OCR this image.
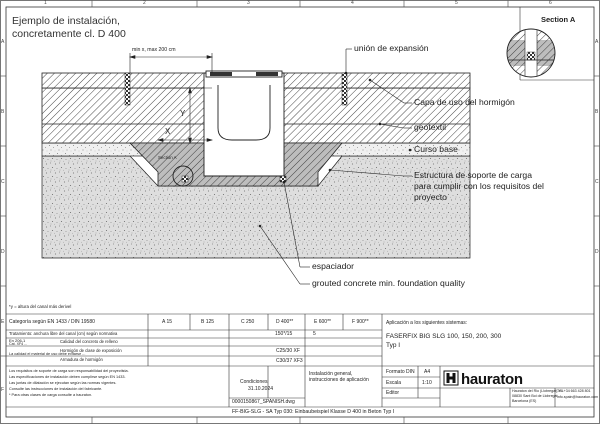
1	2	3	4	5	6
A
B
C
D
E
F
A
B
C
D
Ejemplo de instalación,
concretamente cl. D 400
Section A
min x, max 200 cm
X
Y
Section A
unión de expansión
Capa de uso del hormigón
geotextil
Curso base
Estructura de soporte de carga
para cumplir con los requisitos del
proyecto
espaciador
grouted concrete min. foundation quality
*y = altura del canal más derivel
Categoría según EN 1433 / DIN 19580	A 15	B 125	C 250	D 400**	E 600**	F 900**
Tratamiento: anchura libre del canal (cm) según normativa	150*/15	5
En 206-1
Cat. XF4 ...	Calidad del concreto de relleno
Hormigón de clase de exposición	C25/30 XF
La calidad el material de uso debe evitarse ...
Armadura de hormigón	C30/37 XF3
Los requisitos de soporte de carga son responsabilidad del proyectista.
Las especificaciones de instalación deben cumplirse según EN 1433.
Las juntas de dilatación se ejecutan según las normas vigentes.
Consulte las instrucciones de instalación del fabricante.
* Para otras clases de carga consulte a hauraton.
Aplicación a los siguientes sistemas:
FASERFIX BIG SLG 100, 150, 200, 300
Typ I
Condiciones
31.10.2024
Instalación general,
instrucciones de aplicación
Formato DIN A4
Escala	1:10
Editor
0000150867_SPANISH.dwg
FF-BIG-SLG - SA Typ 030: Einbaubeispiel Klasse D 400 in Beton Typ I
hauraton
Hauraton del Rio (Llobregat), SL
08830 Sant Boi de Llobregat
Barcelona (ES)
Tel: +34 663 428 801
info.spain@hauraton.com
